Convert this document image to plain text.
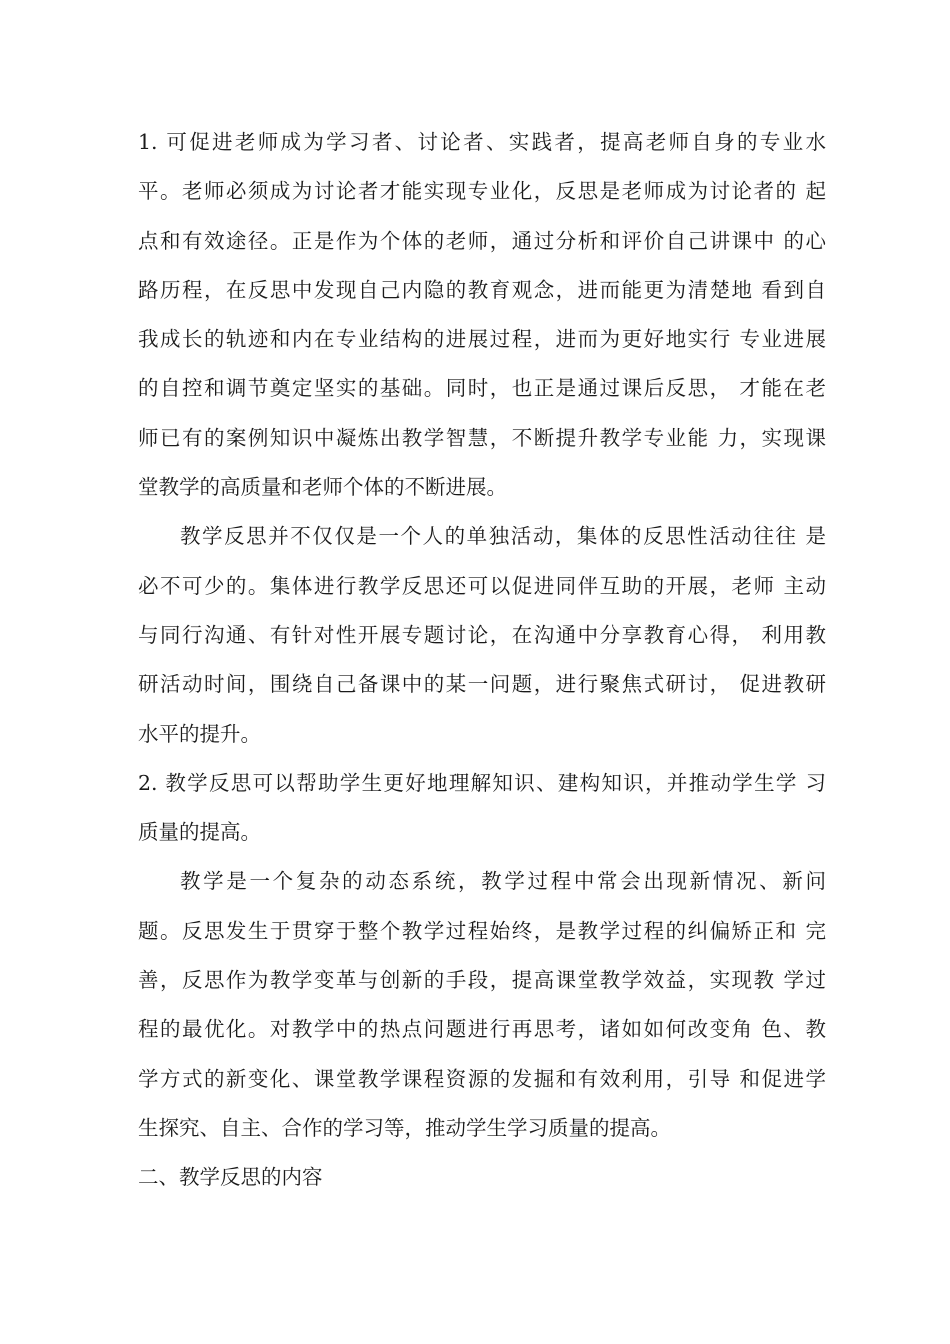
1. 可促进老师成为学习者、讨论者、实践者，提高老师自身的专业水
平。老师必须成为讨论者才能实现专业化，反思是老师成为讨论者的 起
点和有效途径。正是作为个体的老师，通过分析和评价自己讲课中 的心
路历程，在反思中发现自己内隐的教育观念，进而能更为清楚地 看到自
我成长的轨迹和内在专业结构的进展过程，进而为更好地实行 专业进展
的自控和调节奠定坚实的基础。同时，也正是通过课后反思， 才能在老
师已有的案例知识中凝炼出教学智慧，不断提升教学专业能 力，实现课
堂教学的高质量和老师个体的不断进展。
教学反思并不仅仅是一个人的单独活动，集体的反思性活动往往 是
必不可少的。集体进行教学反思还可以促进同伴互助的开展，老师 主动
与同行沟通、有针对性开展专题讨论，在沟通中分享教育心得， 利用教
研活动时间，围绕自己备课中的某一问题，进行聚焦式研讨， 促进教研
水平的提升。
2. 教学反思可以帮助学生更好地理解知识、建构知识，并推动学生学 习
质量的提高。
教学是一个复杂的动态系统，教学过程中常会出现新情况、新问
题。反思发生于贯穿于整个教学过程始终，是教学过程的纠偏矫正和 完
善，反思作为教学变革与创新的手段，提高课堂教学效益，实现教 学过
程的最优化。对教学中的热点问题进行再思考，诸如如何改变角 色、教
学方式的新变化、课堂教学课程资源的发掘和有效利用，引导 和促进学
生探究、自主、合作的学习等，推动学生学习质量的提高。
二、教学反思的内容
